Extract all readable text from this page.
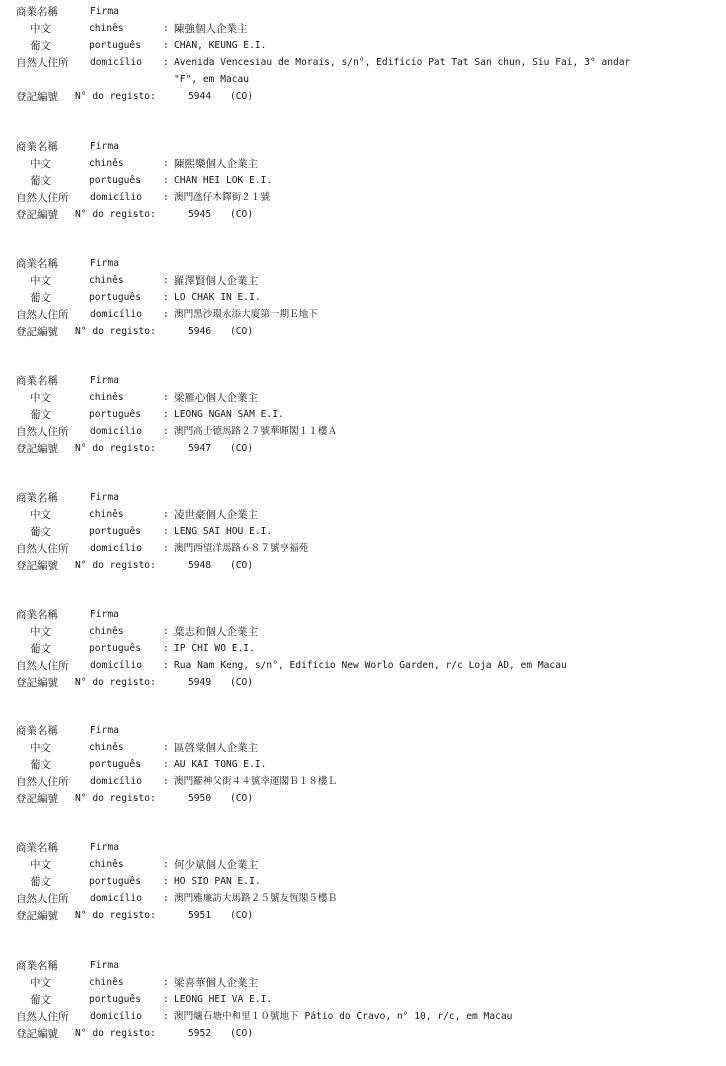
商業名稱	Firma
中文	chinês	: 陳強個人企業主
葡文	português : CHAN, KEUNG E.I.
自然人住所 domicílio : Avenida Vencesiau de Morais, s/n°, Edifício Pat Tat San chun, Siu Fai, 3° andar
"F", em Macau
登記編號 N° do registo:	5944 (CO)
商業名稱	Firma
中文	chinês	: 陳熙樂個人企業主
葡文	português : CHAN HEI LOK E.I.
自然人住所 domicílio : 澳門氹仔木鐸街２１號
登記編號 N° do registo:	5945 (CO)
商業名稱	Firma
中文	chinês	: 羅澤賢個人企業主
葡文	português : LO CHAK IN E.I.
自然人住所 domicílio : 澳門黑沙環永添大廈第一期Ｅ地下
登記編號 N° do registo:	5946 (CO)
商業名稱	Firma
中文	chinês	: 梁雁心個人企業主
葡文	português : LEONG NGAN SAM E.I.
自然人住所 domicílio : 澳門高士德馬路２７號華暉閣１１樓Ａ
登記編號 N° do registo:	5947 (CO)
商業名稱	Firma
中文	chinês	: 凌世豪個人企業主
葡文	português : LENG SAI HOU E.I.
自然人住所 domicílio : 澳門西望洋馬路６８７號亨福苑
登記編號 N° do registo:	5948 (CO)
商業名稱	Firma
中文	chinês	: 葉志和個人企業主
葡文	português : IP CHI WO E.I.
自然人住所 domicílio : Rua Nam Keng, s/n°, Edifício New Worlo Garden, r/c Loja AD, em Macau
登記編號 N° do registo:	5949 (CO)
商業名稱	Firma
中文	chinês	: 區啓棠個人企業主
葡文	português : AU KAI TONG E.I.
自然人住所 domicílio : 澳門羅神父街４４號幸運閣Ｂ１８樓Ｌ
登記編號 N° do registo:	5950 (CO)
商業名稱	Firma
中文	chinês	: 何少斌個人企業主
葡文	português : HO SIO PAN E.I.
自然人住所 domicílio : 澳門雅廉訪大馬路２５號友恆閣５樓Ｂ
登記編號 N° do registo:	5951 (CO)
商業名稱	Firma
中文	chinês	: 梁喜華個人企業主
葡文	português : LEONG HEI VA E.I.
自然人住所 domicílio : 澳門爐石塘中和里１０號地下 Pátio do Cravo, n° 10, r/c, em Macau
登記編號 N° do registo:	5952 (CO)
